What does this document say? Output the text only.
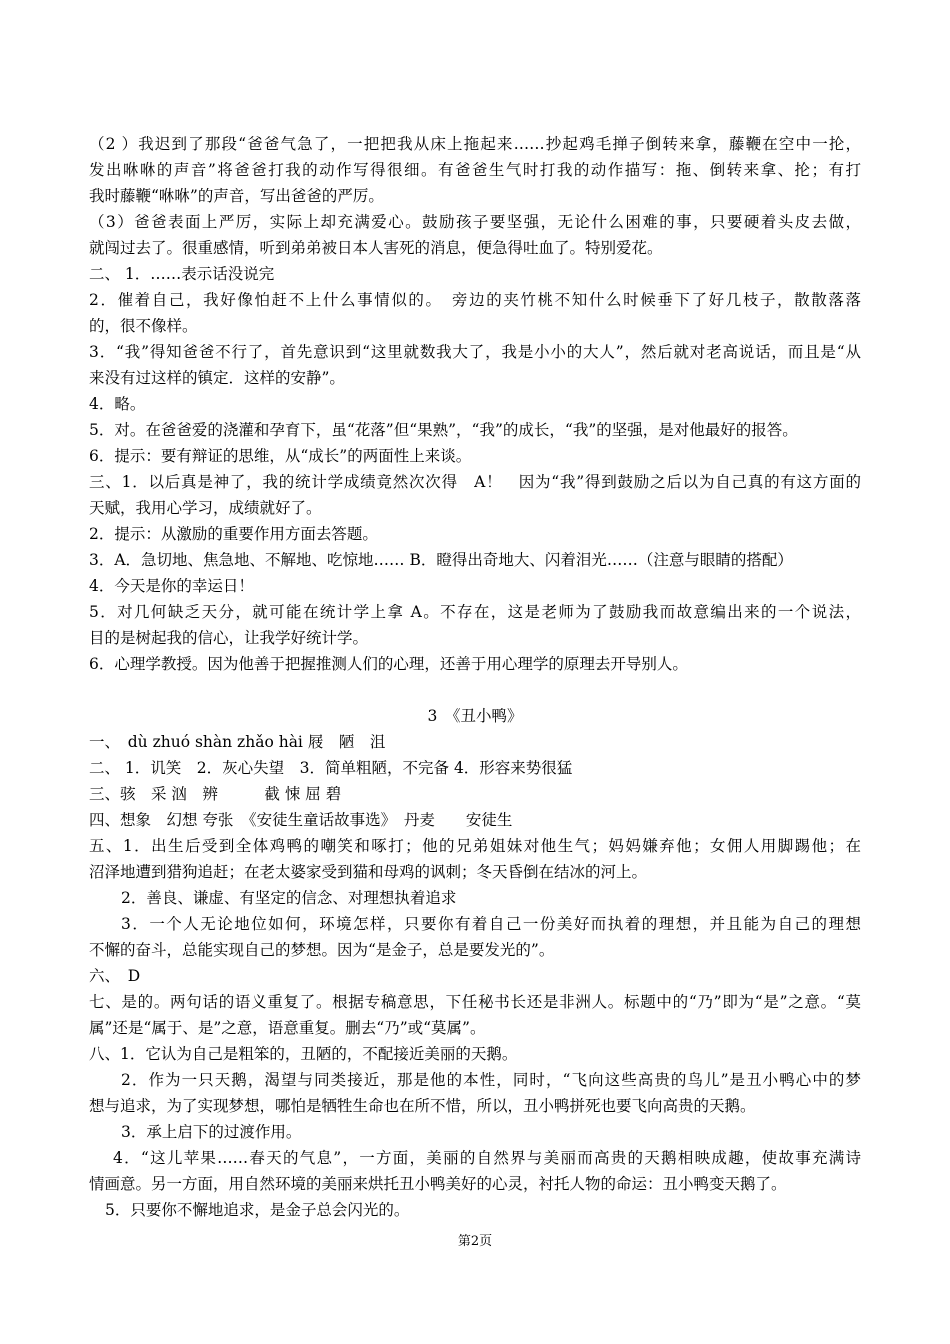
（2 ）我迟到了那段“爸爸气急了，一把把我从床上拖起来……抄起鸡毛掸子倒转来拿，藤鞭在空中一抡，
发出咻咻的声音”将爸爸打我的动作写得很细。有爸爸生气时打我的动作描写：拖、倒转来拿、抡；有打
我时藤鞭“咻咻”的声音，写出爸爸的严厉。
（3）爸爸表面上严厉，实际上却充满爱心。鼓励孩子要坚强，无论什么困难的事，只要硬着头皮去做，
就闯过去了。很重感情，听到弟弟被日本人害死的消息，便急得吐血了。特别爱花。
二、 1．……表示话没说完
2．催着自己，我好像怕赶不上什么事情似的。　旁边的夹竹桃不知什么时候垂下了好几枝子，散散落落
的，很不像样。
3．“我”得知爸爸不行了，首先意识到“这里就数我大了，我是小小的大人”，然后就对老高说话，而且是“从
来没有过这样的镇定．这样的安静”。
4．略。
5．对。在爸爸爱的浇灌和孕育下，虽“花落”但“果熟”，“我”的成长，“我”的坚强，是对他最好的报答。
6．提示：要有辩证的思维，从“成长”的两面性上来谈。
三、1．以后真是神了，我的统计学成绩竟然次次得　A！　因为“我”得到鼓励之后以为自己真的有这方面的
天赋，我用心学习，成绩就好了。
2．提示：从激励的重要作用方面去答题。
3．A．急切地、焦急地、不解地、吃惊地…… B．瞪得出奇地大、闪着泪光……（注意与眼睛的搭配）
4．今天是你的幸运日！
5．对几何缺乏天分，就可能在统计学上拿 A。不存在，这是老师为了鼓励我而故意编出来的一个说法，
目的是树起我的信心，让我学好统计学。
6．心理学教授。因为他善于把握推测人们的心理，还善于用心理学的原理去开导别人。
3　《丑小鸭》
一、　dù zhuó shàn zhǎo hài 屐　陋　沮
二、 1．讥笑　2．灰心失望　3．简单粗陋，不完备 4．形容来势很猛
三、骇　采 汹　辨　　　截 悚 屈 碧
四、想象　幻想 夸张　《安徒生童话故事选》　丹麦　　安徒生
五、1．出生后受到全体鸡鸭的嘲笑和啄打；他的兄弟姐妹对他生气；妈妈嫌弃他；女佣人用脚踢他；在
沼泽地遭到猎狗追赶；在老太婆家受到猫和母鸡的讽刺；冬天昏倒在结冰的河上。
2．善良、谦虚、有坚定的信念、对理想执着追求
3．一个人无论地位如何，环境怎样，只要你有着自己一份美好而执着的理想，并且能为自己的理想
不懈的奋斗，总能实现自己的梦想。因为“是金子，总是要发光的”。
六、　D
七、是的。两句话的语义重复了。根据专稿意思，下任秘书长还是非洲人。标题中的“乃”即为“是”之意。“莫
属”还是“属于、是”之意，语意重复。删去“乃”或“莫属”。
八、1．它认为自己是粗笨的，丑陋的，不配接近美丽的天鹅。
2．作为一只天鹅，渴望与同类接近，那是他的本性，同时，“飞向这些高贵的鸟儿”是丑小鸭心中的梦
想与追求，为了实现梦想，哪怕是牺牲生命也在所不惜，所以，丑小鸭拼死也要飞向高贵的天鹅。
3．承上启下的过渡作用。
4．“这儿苹果……春天的气息”，一方面，美丽的自然界与美丽而高贵的天鹅相映成趣，使故事充满诗
情画意。另一方面，用自然环境的美丽来烘托丑小鸭美好的心灵，衬托人物的命运：丑小鸭变天鹅了。
5．只要你不懈地追求，是金子总会闪光的。
第2页
